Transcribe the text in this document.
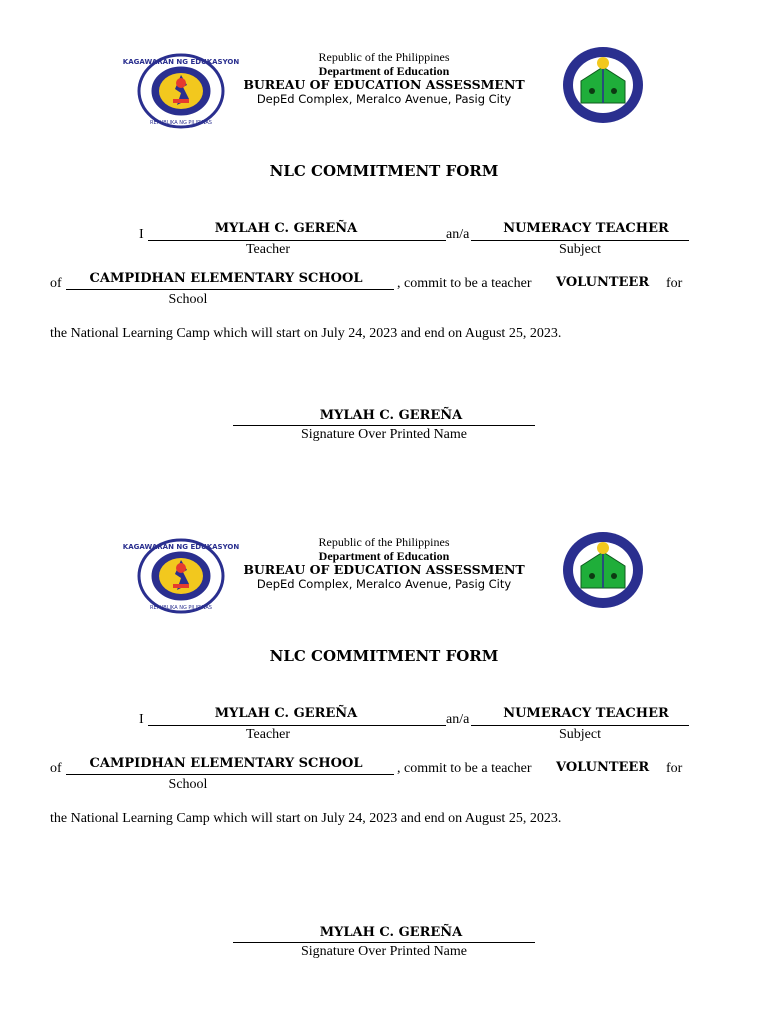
KAGAWARAN NG EDUKASYON
REPUBLIKA NG PILIPINAS
Republic of the Philippines
Department of Education
BUREAU OF EDUCATION ASSESSMENT
DepEd Complex, Meralco Avenue, Pasig City
NLC COMMITMENT FORM
I	MYLAH C. GEREÑA	an/a	NUMERACY TEACHER
Teacher	Subject
of	CAMPIDHAN ELEMENTARY SCHOOL	, commit to be a teacher VOLUNTEER for
School
the National Learning Camp which will start on July 24, 2023 and end on August 25, 2023.
MYLAH C. GEREÑA
Signature Over Printed Name
KAGAWARAN NG EDUKASYON
REPUBLIKA NG PILIPINAS
Republic of the Philippines
Department of Education
BUREAU OF EDUCATION ASSESSMENT
DepEd Complex, Meralco Avenue, Pasig City
NLC COMMITMENT FORM
I	MYLAH C. GEREÑA	an/a	NUMERACY TEACHER
Teacher	Subject
of	CAMPIDHAN ELEMENTARY SCHOOL	, commit to be a teacher VOLUNTEER for
School
the National Learning Camp which will start on July 24, 2023 and end on August 25, 2023.
MYLAH C. GEREÑA
Signature Over Printed Name
